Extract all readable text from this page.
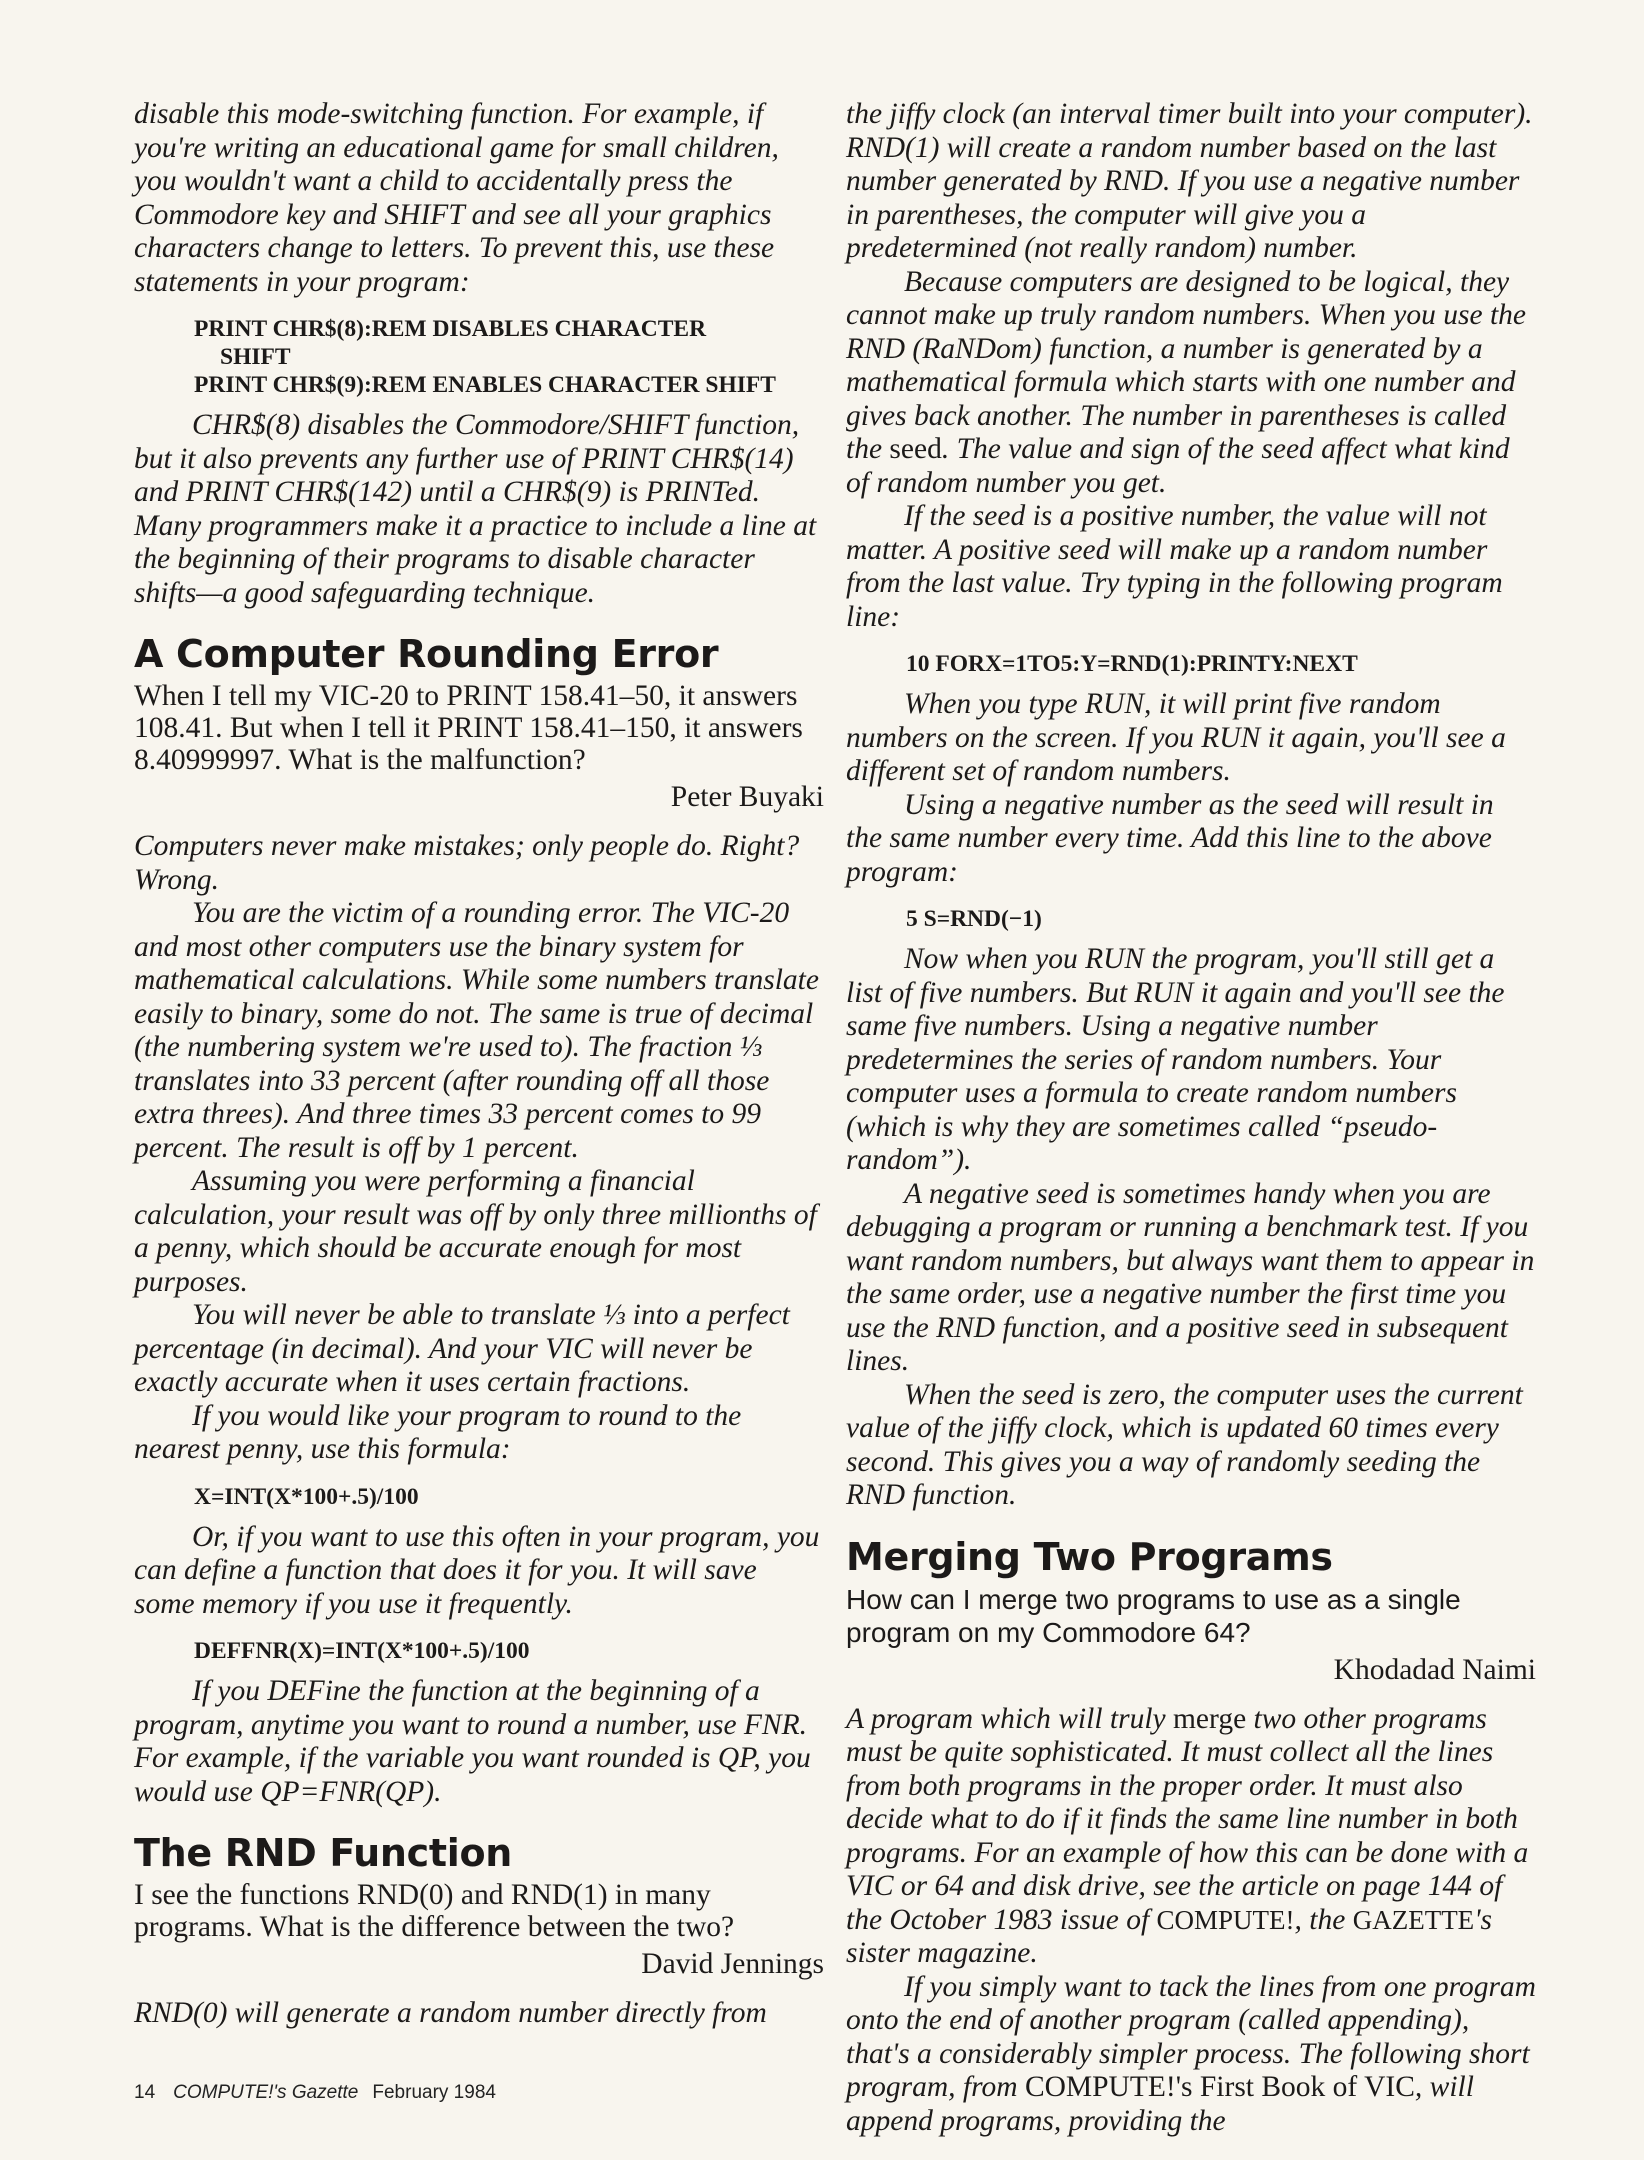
disable this mode-switching function. For example, if you're writing an educational game for small children, you wouldn't want a child to accidentally press the Commodore key and SHIFT and see all your graphics characters change to letters. To prevent this, use these statements in your program:

PRINT CHR$(8):REM DISABLES CHARACTER
SHIFT
PRINT CHR$(9):REM ENABLES CHARACTER SHIFT

CHR$(8) disables the Commodore/SHIFT function, but it also prevents any further use of PRINT CHR$(14) and PRINT CHR$(142) until a CHR$(9) is PRINTed. Many programmers make it a practice to include a line at the beginning of their programs to disable character shifts—a good safeguarding technique.

A Computer Rounding Error

When I tell my VIC-20 to PRINT 158.41–50, it answers 108.41. But when I tell it PRINT 158.41–150, it answers 8.40999997. What is the malfunction?

Peter Buyaki

Computers never make mistakes; only people do. Right? Wrong.

You are the victim of a rounding error. The VIC-20 and most other computers use the binary system for mathematical calculations. While some numbers translate easily to binary, some do not. The same is true of decimal (the numbering system we're used to). The fraction ⅓ translates into 33 percent (after rounding off all those extra threes). And three times 33 percent comes to 99 percent. The result is off by 1 percent.

Assuming you were performing a financial calculation, your result was off by only three millionths of a penny, which should be accurate enough for most purposes.

You will never be able to translate ⅓ into a perfect percentage (in decimal). And your VIC will never be exactly accurate when it uses certain fractions.

If you would like your program to round to the nearest penny, use this formula:

X=INT(X*100+.5)/100

Or, if you want to use this often in your program, you can define a function that does it for you. It will save some memory if you use it frequently.

DEFFNR(X)=INT(X*100+.5)/100

If you DEFine the function at the beginning of a program, anytime you want to round a number, use FNR. For example, if the variable you want rounded is QP, you would use QP=FNR(QP).

The RND Function

I see the functions RND(0) and RND(1) in many programs. What is the difference between the two?

David Jennings

RND(0) will generate a random number directly from

the jiffy clock (an interval timer built into your computer). RND(1) will create a random number based on the last number generated by RND. If you use a negative number in parentheses, the computer will give you a predetermined (not really random) number.

Because computers are designed to be logical, they cannot make up truly random numbers. When you use the RND (RaNDom) function, a number is generated by a mathematical formula which starts with one number and gives back another. The number in parentheses is called the seed. The value and sign of the seed affect what kind of random number you get.

If the seed is a positive number, the value will not matter. A positive seed will make up a random number from the last value. Try typing in the following program line:

10 FORX=1TO5:Y=RND(1):PRINTY:NEXT

When you type RUN, it will print five random numbers on the screen. If you RUN it again, you'll see a different set of random numbers.

Using a negative number as the seed will result in the same number every time. Add this line to the above program:

5 S=RND(−1)

Now when you RUN the program, you'll still get a list of five numbers. But RUN it again and you'll see the same five numbers. Using a negative number predetermines the series of random numbers. Your computer uses a formula to create random numbers (which is why they are sometimes called “pseudo-random”).

A negative seed is sometimes handy when you are debugging a program or running a benchmark test. If you want random numbers, but always want them to appear in the same order, use a negative number the first time you use the RND function, and a positive seed in subsequent lines.

When the seed is zero, the computer uses the current value of the jiffy clock, which is updated 60 times every second. This gives you a way of randomly seeding the RND function.

Merging Two Programs

How can I merge two programs to use as a single program on my Commodore 64?

Khodadad Naimi

A program which will truly merge two other programs must be quite sophisticated. It must collect all the lines from both programs in the proper order. It must also decide what to do if it finds the same line number in both programs. For an example of how this can be done with a VIC or 64 and disk drive, see the article on page 144 of the October 1983 issue of COMPUTE!, the GAZETTE's sister magazine.

If you simply want to tack the lines from one program onto the end of another program (called appending), that's a considerably simpler process. The following short program, from COMPUTE!'s First Book of VIC, will append programs, providing the

14 COMPUTE!'s Gazette February 1984
